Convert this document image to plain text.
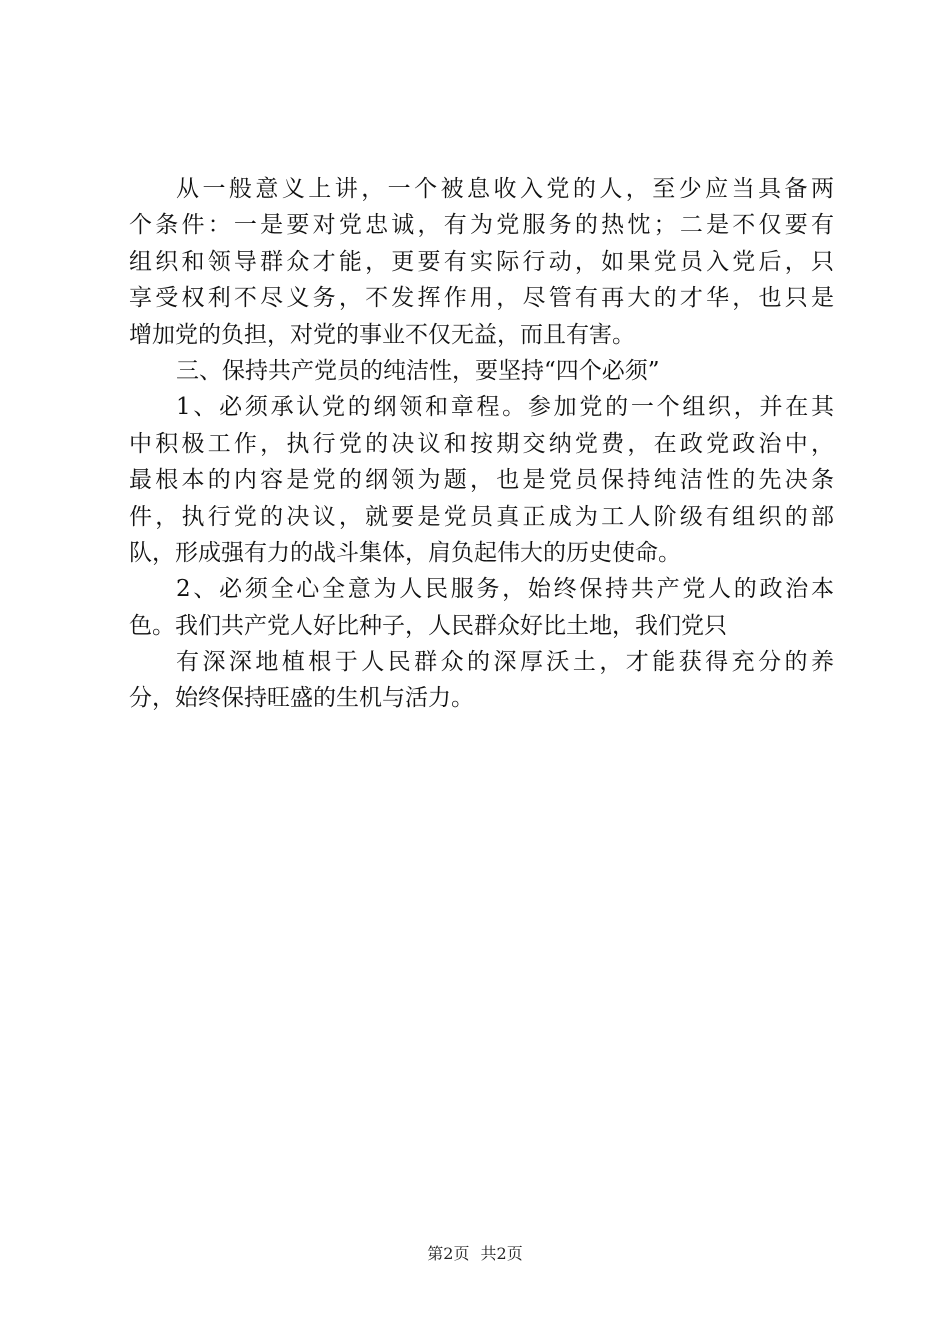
从一般意义上讲，一个被息收入党的人，至少应当具备两
个条件：一是要对党忠诚，有为党服务的热忱；二是不仅要有
组织和领导群众才能，更要有实际行动，如果党员入党后，只
享受权利不尽义务，不发挥作用，尽管有再大的才华，也只是
增加党的负担，对党的事业不仅无益，而且有害。
三、保持共产党员的纯洁性，要坚持“四个必须”
1、必须承认党的纲领和章程。参加党的一个组织，并在其
中积极工作，执行党的决议和按期交纳党费，在政党政治中，
最根本的内容是党的纲领为题，也是党员保持纯洁性的先决条
件，执行党的决议，就要是党员真正成为工人阶级有组织的部
队，形成强有力的战斗集体，肩负起伟大的历史使命。
2、必须全心全意为人民服务，始终保持共产党人的政治本
色。我们共产党人好比种子，人民群众好比土地，我们党只
有深深地植根于人民群众的深厚沃土，才能获得充分的养
分，始终保持旺盛的生机与活力。
第2页 共2页
